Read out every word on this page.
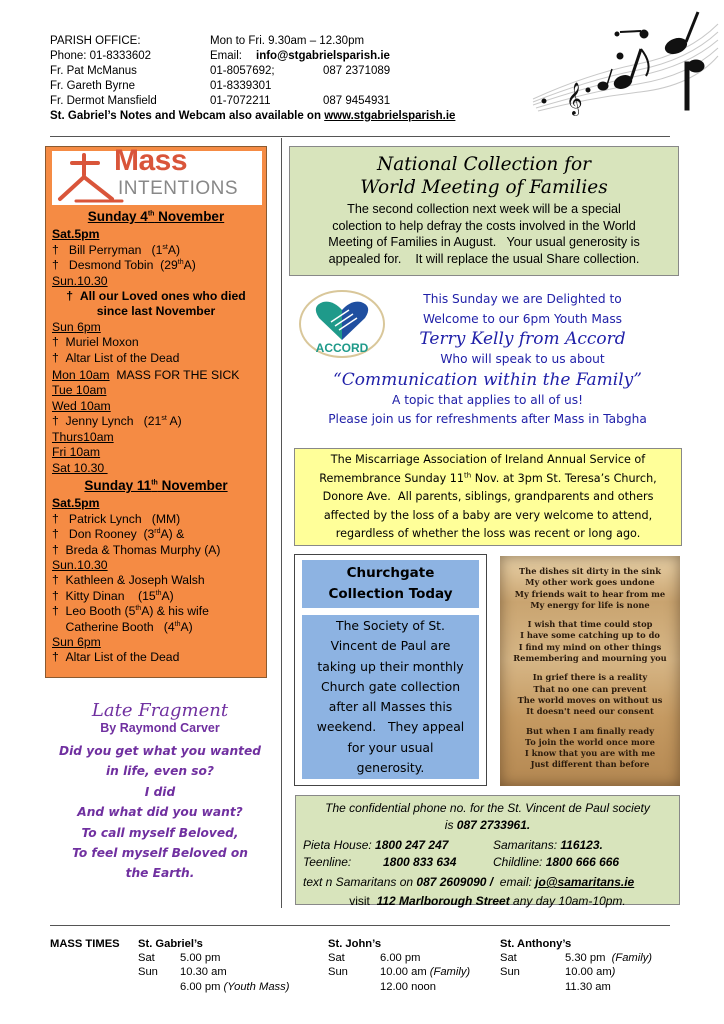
PARISH OFFICE:	Mon to Fri. 9.30am – 12.30pm
Phone: 01-8333602	Email:	info@stgabrielsparish.ie
Fr. Pat McManus	01-8057692;	087 2371089
Fr. Gareth Byrne	01-8339301
Fr. Dermot Mansfield	01-7072211	087 9454931
St. Gabriel’s Notes and Webcam also available on www.stgabrielsparish.ie
𝄞
Mass
INTENTIONS
Sunday 4th November
Sat.5pm
†   Bill Perryman   (1stA)
†   Desmond Tobin  (29thA)
Sun.10.30
†  All our Loved ones who died
since last November
Sun 6pm
†  Muriel Moxon
†  Altar List of the Dead
Mon 10am  MASS FOR THE SICK
Tue 10am
Wed 10am
†  Jenny Lynch   (21st A)
Thurs10am
Fri 10am
Sat 10.30
Sunday 11th November
Sat.5pm
†   Patrick Lynch   (MM)
†   Don Rooney  (3rdA) &
†  Breda & Thomas Murphy (A)
Sun.10.30
†  Kathleen & Joseph Walsh
†  Kitty Dinan    (15thA)
†  Leo Booth (5thA) & his wife
Catherine Booth   (4thA)
Sun 6pm
†  Altar List of the Dead
Late Fragment
By Raymond Carver
Did you get what you wanted
in life, even so?
I did
And what did you want?
To call myself Beloved,
To feel myself Beloved on
the Earth.
National Collection for
World Meeting of Families
The second collection next week will be a special
colection to help defray the costs involved in the World
Meeting of Families in August.   Your usual generosity is
appealed for.    It will replace the usual Share collection.
ACCORD
This Sunday we are Delighted to
Welcome to our 6pm Youth Mass
Terry Kelly from Accord
Who will speak to us about
“Communication within the Family”
A topic that applies to all of us!
Please join us for refreshments after Mass in Tabgha
The Miscarriage Association of Ireland Annual Service of
Remembrance Sunday 11th Nov. at 3pm St. Teresa’s Church,
Donore Ave.  All parents, siblings, grandparents and others
affected by the loss of a baby are very welcome to attend,
regardless of whether the loss was recent or long ago.
Churchgate
Collection Today
The Society of St.
Vincent de Paul are
taking up their monthly
Church gate collection
after all Masses this
weekend.   They appeal
for your usual
generosity.
The dishes sit dirty in the sink
My other work goes undone
My friends wait to hear from me
My energy for life is none
I wish that time could stop
I have some catching up to do
I find my mind on other things
Remembering and mourning you
In grief there is a reality
That no one can prevent
The world moves on without us
It doesn't need our consent
But when I am finally ready
To join the world once more
I know that you are with me
Just different than before
The confidential phone no. for the St. Vincent de Paul society
is 087 2733961.
Pieta House: 1800 247 247	Samaritans: 116123.
Teenline:	1800 833 634	Childline: 1800 666 666
text n Samaritans on 087 2609090 /  email: jo@samaritans.ie
visit  112 Marlborough Street any day 10am-10pm.
MASS TIMES St. Gabriel’s
Sat	5.00 pm
Sun	10.30 am
6.00 pm (Youth Mass)
St. John’s
Sat	6.00 pm
Sun	10.00 am (Family)
12.00 noon
St. Anthony’s
Sat	5.30 pm  (Family)
Sun	10.00 am)
11.30 am
